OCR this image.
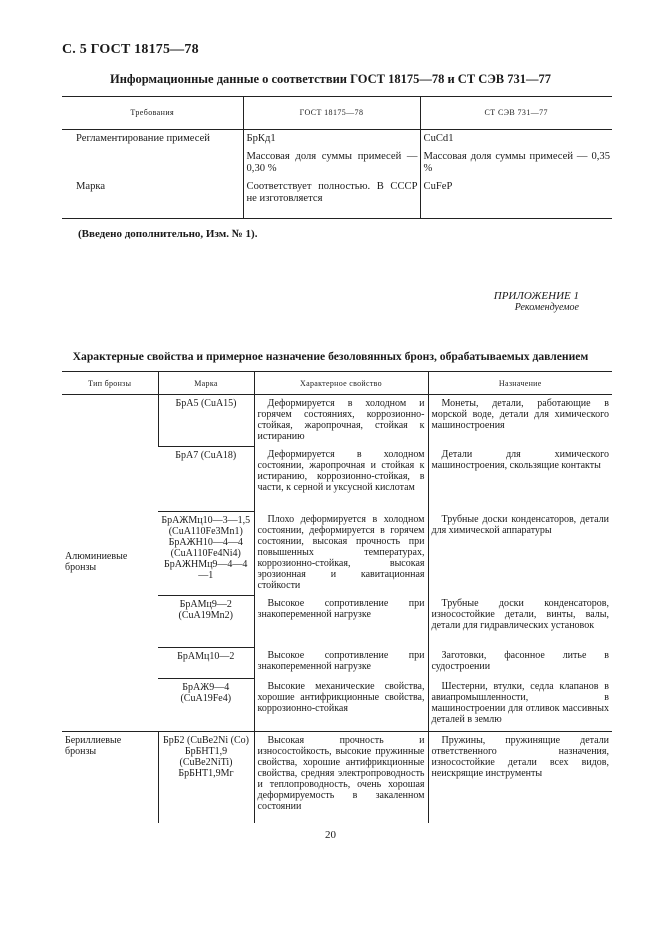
С. 5 ГОСТ 18175—78
Информационные данные о соответствии ГОСТ 18175—78 и СТ СЭВ 731—77
Требования	ГОСТ 18175—78	СТ СЭВ 731—77
Регламентирование примесей	БрКд1	CuCd1
	Массовая доля суммы примесей — 0,30 %	Массовая доля суммы примесей — 0,35 %
Марка	Соответствует полностью. В СССР не изготовляется	CuFeP
(Введено дополнительно, Изм. № 1).
ПРИЛОЖЕНИЕ 1
Рекомендуемое
Характерные свойства и примерное назначение безоловянных бронз, обрабатываемых давлением
Тип бронзы	Марка	Характерное свойство	Назначение
Алюминиевые бронзы	БрА5 (CuA15)	Деформируется в холодном и горячем состояниях, коррозионно-стойкая, жаропрочная, стойкая к истиранию	Монеты, детали, работающие в морской воде, детали для химического машиностроения

	БрА7 (CuA18)	Деформируется в холодном состоянии, жаропрочная и стойкая к истиранию, коррозионно-стойкая, в части, к серной и уксусной кислотам	Детали для химического машиностроения, скользящие контакты

	БрАЖМц10—3—1,5
(CuA110Fe3Mn1)
БрАЖН10—4—4
(CuA110Fe4Ni4)
БрАЖНМц9—4—4—1	Плохо деформируется в холодном состоянии, деформируется в горячем состоянии, высокая прочность при повышенных температурах, коррозионно-стойкая, высокая эрозионная и кавитационная стойкости	Трубные доски конденсаторов, детали для химической аппаратуры

	БрАМц9—2
(CuA19Mn2)	Высокое сопротивление при знакопеременной нагрузке	Трубные доски конденсаторов, износостойкие детали, винты, валы, детали для гидравлических установок

	БрАМц10—2	Высокое сопротивление при знакопеременной нагрузке	Заготовки, фасонное литье в судостроении

	БрАЖ9—4
(CuA19Fe4)	Высокие механические свойства, хорошие антифрикционные свойства, коррозионно-стойкая	Шестерни, втулки, седла клапанов в авиапромышленности, в машиностроении для отливок массивных деталей в землю
Бериллиевые бронзы	БрБ2 (CuBe2Ni (Co)
БрБНТ1,9
(CuBe2NiTi)
БрБНТ1,9Мг	Высокая прочность и износостойкость, высокие пружинные свойства, хорошие антифрикционные свойства, средняя электропроводность и теплопроводность, очень хорошая деформируемость в закаленном состоянии	Пружины, пружинящие детали ответственного назначения, износостойкие детали всех видов, неискрящие инструменты
20
